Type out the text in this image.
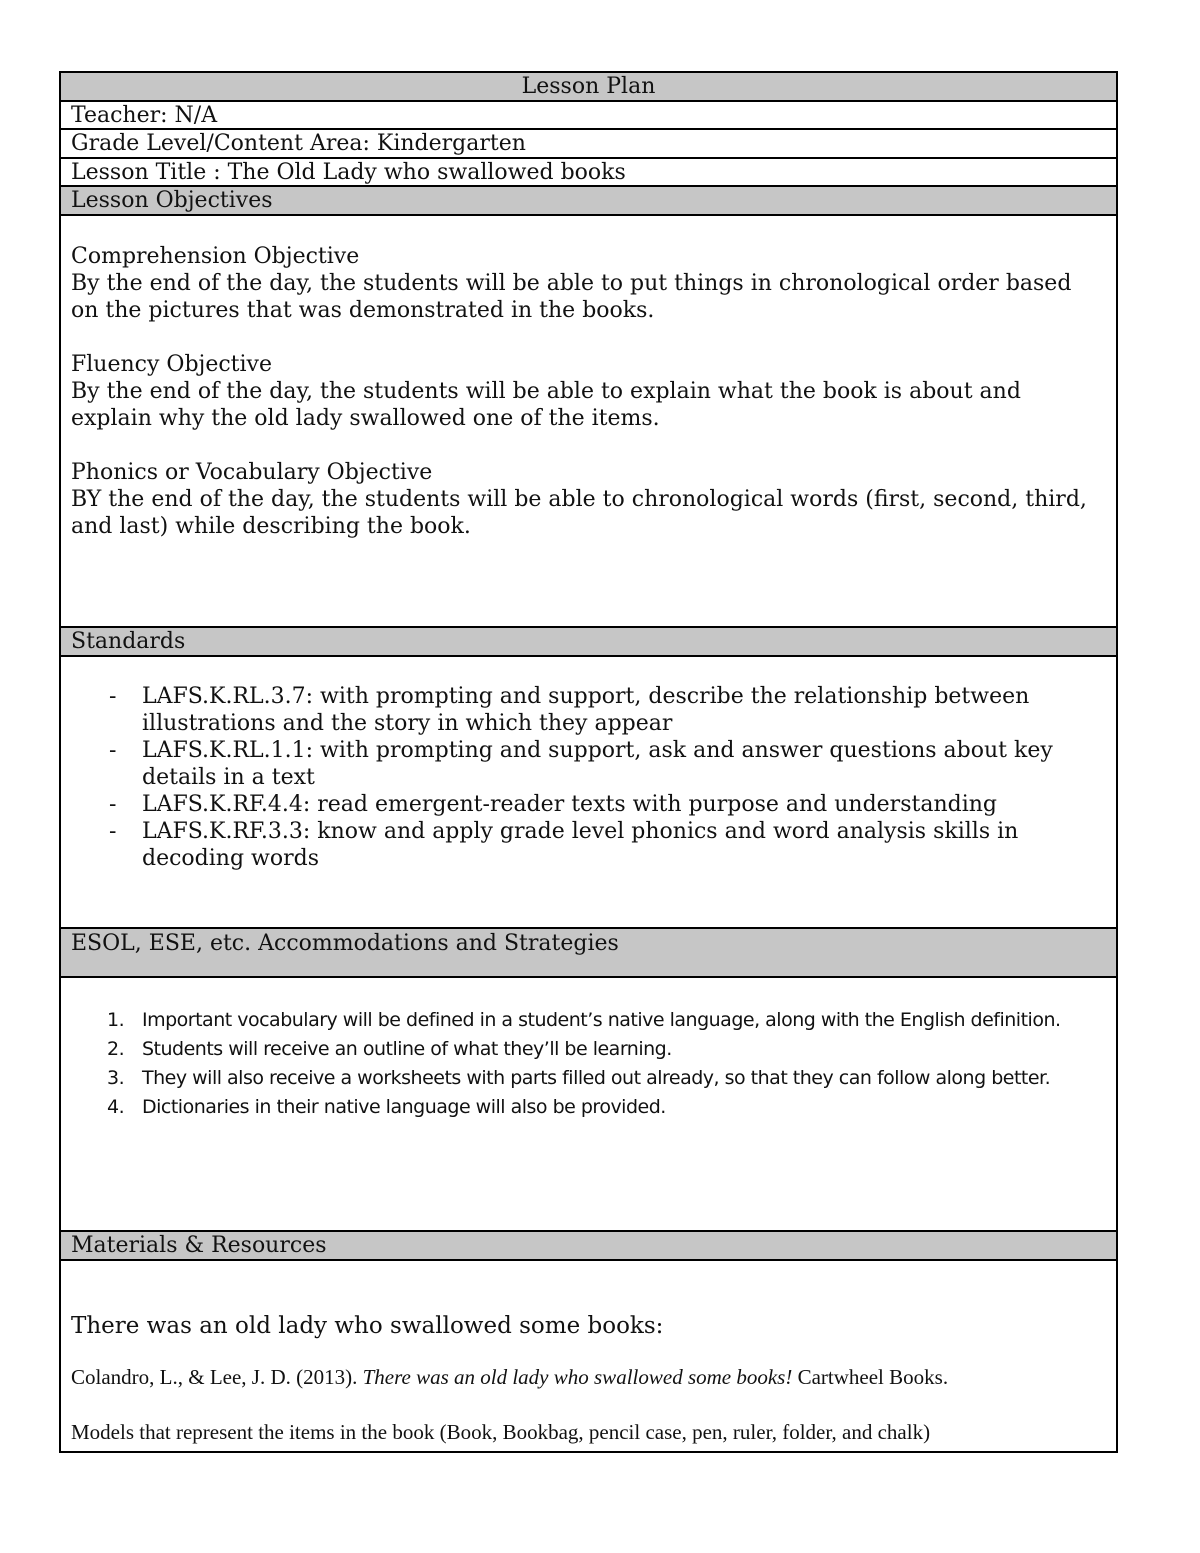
Lesson Plan
Teacher: N/A
Grade Level/Content Area: Kindergarten
Lesson Title : The Old Lady who swallowed books
Lesson Objectives

Comprehension Objective

By the end of the day, the students will be able to put things in chronological order based on the pictures that was demonstrated in the books.

Fluency Objective

By the end of the day, the students will be able to explain what the book is about and explain why the old lady swallowed one of the items.

Phonics or Vocabulary Objective

BY the end of the day, the students will be able to chronological words (first, second, third, and last) while describing the book.

Standards
- LAFS.K.RL.3.7: with prompting and support, describe the relationship between illustrations and the story in which they appear
- LAFS.K.RL.1.1: with prompting and support, ask and answer questions about key details in a text
- LAFS.K.RF.4.4: read emergent-reader texts with purpose and understanding
- LAFS.K.RF.3.3: know and apply grade level phonics and word analysis skills in decoding words
ESOL, ESE, etc. Accommodations and Strategies
1. Important vocabulary will be defined in a student’s native language, along with the English definition.
2. Students will receive an outline of what they’ll be learning.
3. They will also receive a worksheets with parts filled out already, so that they can follow along better.
4. Dictionaries in their native language will also be provided.
Materials & Resources

There was an old lady who swallowed some books:

Colandro, L., & Lee, J. D. (2013). There was an old lady who swallowed some books! Cartwheel Books.

Models that represent the items in the book (Book, Bookbag, pencil case, pen, ruler, folder, and chalk)
